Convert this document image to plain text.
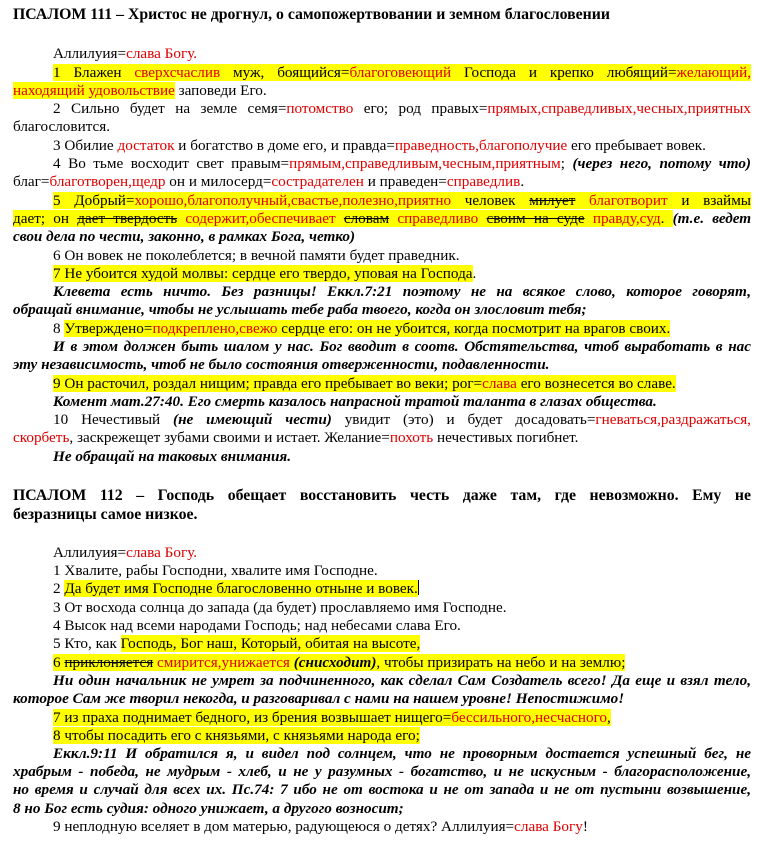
ПСАЛОМ 111 – Христос не дрогнул, о самопожертвовании и земном благословении
Аллилуия=слава Богу.
1 Блажен сверхсчаслив муж, боящийся=благоговеющий Господа и крепко любящий=желающий,
находящий удовольствие заповеди Его.
2 Сильно будет на земле семя=потомство его; род правых=прямых,справедливых,чесных,приятных
благословится.
3 Обилие достаток и богатство в доме его, и правда=праведность,благополучие его пребывает вовек.
4 Во тьме восходит свет правым=прямым,справедливым,чесным,приятным; (через него, потому что)
благ=благотворен,щедр он и милосерд=сострадателен и праведен=справедлив.
5 Добрый=хорошо,благополучный,свастье,полезно,приятно человек милует благотворит и взаймы
дает; он дает твердость содержит,обеспечивает словам справедливо своим на суде правду,суд. (т.е. ведет
свои дела по чести, законно, в рамках Бога, четко)
6 Он вовек не поколеблется; в вечной памяти будет праведник.
7 Не убоится худой молвы: сердце его твердо, уповая на Господа.
Клевета есть ничто. Без разницы! Еккл.7:21 поэтому не на всякое слово, которое говорят,
обращай внимание, чтобы не услышать тебе раба твоего, когда он злословит тебя;
8 Утверждено=подкреплено,свежо сердце его: он не убоится, когда посмотрит на врагов своих.
И в этом должен быть шалом у нас. Бог вводит в соотв. Обстятельства, чтоб выработать в нас
эту независимость, чтоб не было состояния отверженности, подавленности.
9 Он расточил, роздал нищим; правда его пребывает во веки; рог=слава его вознесется во славе.
Комент мат.27:40. Его смерть казалось напрасной тратой таланта в глазах общества.
10 Нечестивый (не имеющий чести) увидит (это) и будет досадовать=гневаться,раздражаться,
скорбеть, заскрежещет зубами своими и истает. Желание=похоть нечестивых погибнет.
Не обращай на таковых внимания.
ПСАЛОМ 112 – Господь обещает восстановить честь даже там, где невозможно. Ему не
безразницы самое низкое.
Аллилуия=слава Богу.
1 Хвалите, рабы Господни, хвалите имя Господне.
2 Да будет имя Господне благословенно отныне и вовек.
3 От восхода солнца до запада (да будет) прославляемо имя Господне.
4 Высок над всеми народами Господь; над небесами слава Его.
5 Кто, как Господь, Бог наш, Который, обитая на высоте,
6 приклоняется смирится,унижается (снисходит), чтобы призирать на небо и на землю;
Ни один начальник не умрет за подчиненного, как сделал Сам Создатель всего! Да еще и взял тело,
которое Сам же творил некогда, и разговаривал с нами на нашем уровне! Непостижимо!
7 из праха поднимает бедного, из брения возвышает нищего=бессильного,несчасного,
8 чтобы посадить его с князьями, с князьями народа его;
Еккл.9:11 И обратился я, и видел под солнцем, что не проворным достается успешный бег, не
храбрым - победа, не мудрым - хлеб, и не у разумных - богатство, и не искусным - благорасположение,
но время и случай для всех их. Пс.74: 7 ибо не от востока и не от запада и не от пустыни возвышение,
8 но Бог есть судия: одного унижает, а другого возносит;
9 неплодную вселяет в дом матерью, радующеюся о детях? Аллилуия=слава Богу!
